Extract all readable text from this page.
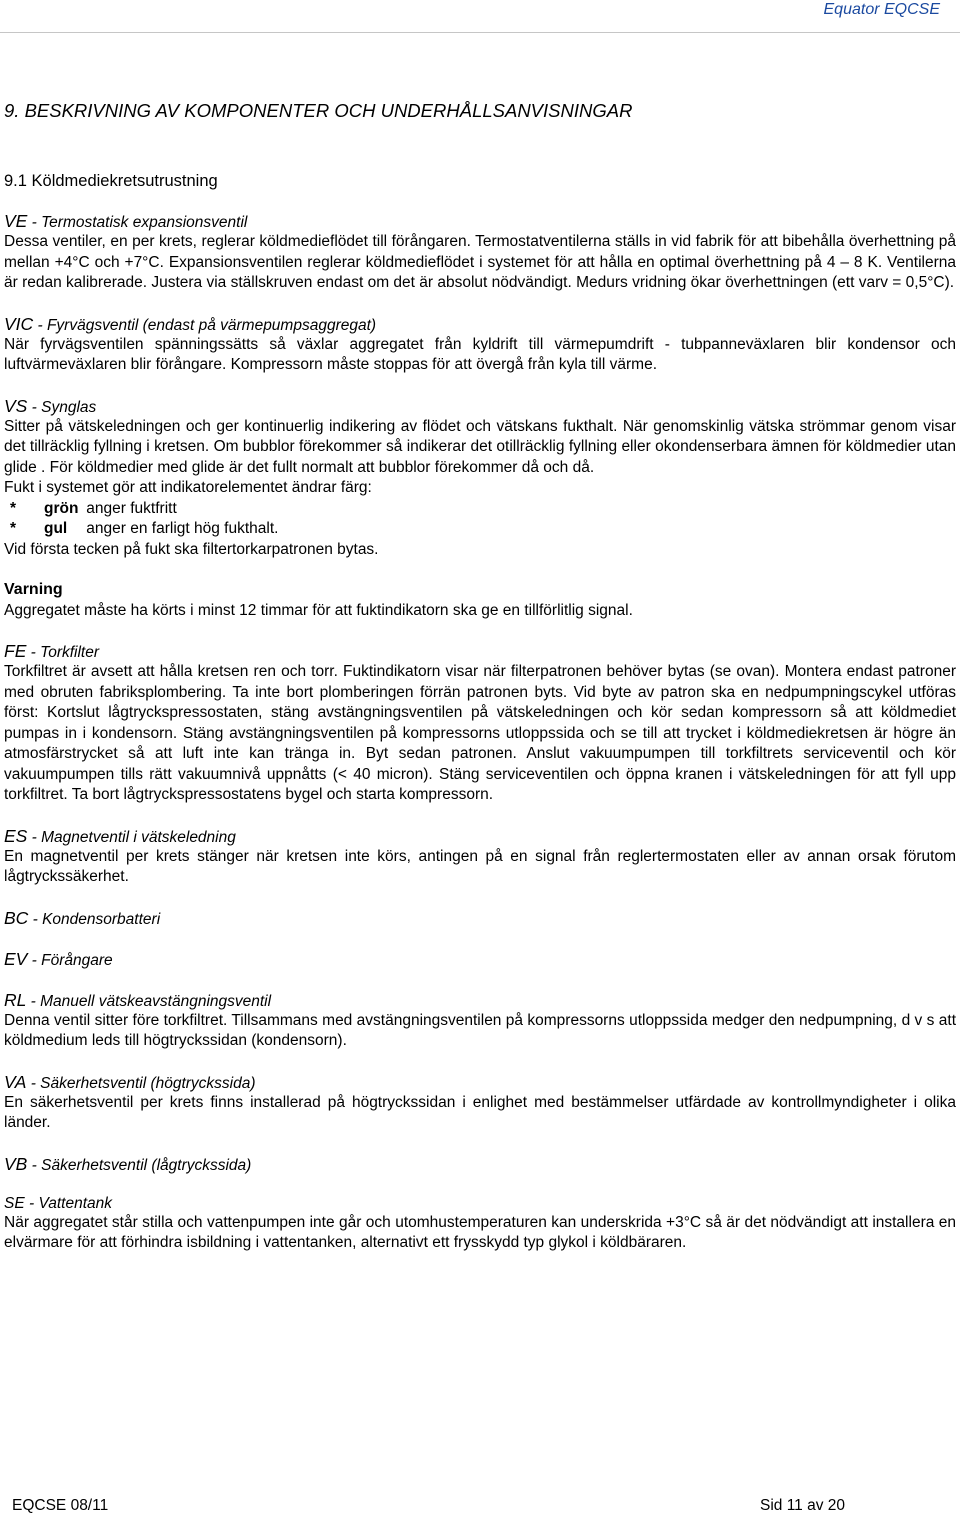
Equator EQCSE
9. BESKRIVNING AV KOMPONENTER OCH UNDERHÅLLSANVISNINGAR
9.1 Köldmediekretsutrustning
VE - Termostatisk expansionsventil
Dessa ventiler, en per krets, reglerar köldmedieflödet till förångaren. Termostatventilerna ställs in vid fabrik för att bibehålla överhettning på mellan +4°C och +7°C. Expansionsventilen reglerar köldmedieflödet i systemet för att hålla en optimal överhettning på 4 – 8 K. Ventilerna är redan kalibrerade. Justera via ställskruven endast om det är absolut nödvändigt. Medurs vridning ökar överhettningen (ett varv = 0,5°C).
VIC - Fyrvägsventil (endast på värmepumpsaggregat)
När fyrvägsventilen spänningssätts så växlar aggregatet från kyldrift till värmepumdrift - tubpanneväxlaren blir kondensor och luftvärmeväxlaren blir förångare. Kompressorn måste stoppas för att övergå från kyla till värme.
VS - Synglas
Sitter på vätskeledningen och ger kontinuerlig indikering av flödet och vätskans fukthalt. När genomskinlig vätska strömmar genom visar det tillräcklig fyllning i kretsen. Om bubblor förekommer så indikerar det otillräcklig fyllning eller okondenserbara ämnen för köldmedier utan glide . För köldmedier med glide är det fullt normalt att bubblor förekommer då och då.
Fukt i systemet gör att indikatorelementet ändrar färg:
* grön anger fuktfritt
* gul anger en farligt hög fukthalt.
Vid första tecken på fukt ska filtertorkarpatronen bytas.
Varning
Aggregatet måste ha körts i minst 12 timmar för att fuktindikatorn ska ge en tillförlitlig signal.
FE - Torkfilter
Torkfiltret är avsett att hålla kretsen ren och torr. Fuktindikatorn visar när filterpatronen behöver bytas (se ovan). Montera endast patroner med obruten fabriksplombering. Ta inte bort plomberingen förrän patronen byts. Vid byte av patron ska en nedpumpningscykel utföras först: Kortslut lågtryckspressostaten, stäng avstängningsventilen på vätskeledningen och kör sedan kompressorn så att köldmediet pumpas in i kondensorn. Stäng avstängningsventilen på kompressorns utloppssida och se till att trycket i köldmediekretsen är högre än atmosfärstrycket så att luft inte kan tränga in. Byt sedan patronen. Anslut vakuumpumpen till torkfiltrets serviceventil och kör vakuumpumpen tills rätt vakuumnivå uppnåtts (< 40 micron). Stäng serviceventilen och öppna kranen i vätskeledningen för att fyll upp torkfiltret. Ta bort lågtryckspressostatens bygel och starta kompressorn.
ES - Magnetventil i vätskeledning
En magnetventil per krets stänger när kretsen inte körs, antingen på en signal från reglertermostaten eller av annan orsak förutom lågtryckssäkerhet.
BC - Kondensorbatteri
EV - Förångare
RL - Manuell vätskeavstängningsventil
Denna ventil sitter före torkfiltret. Tillsammans med avstängningsventilen på kompressorns utloppssida medger den nedpumpning, d v s att köldmedium leds till högtryckssidan (kondensorn).
VA - Säkerhetsventil (högtryckssida)
En säkerhetsventil per krets finns installerad på högtryckssidan i enlighet med bestämmelser utfärdade av kontrollmyndigheter i olika länder.
VB - Säkerhetsventil (lågtryckssida)
SE - Vattentank
När aggregatet står stilla och vattenpumpen inte går och utomhustemperaturen kan underskrida +3°C så är det nödvändigt att installera en elvärmare för att förhindra isbildning i vattentanken, alternativt ett frysskydd typ glykol i köldbäraren.
EQCSE 08/11	Sid 11 av 20
